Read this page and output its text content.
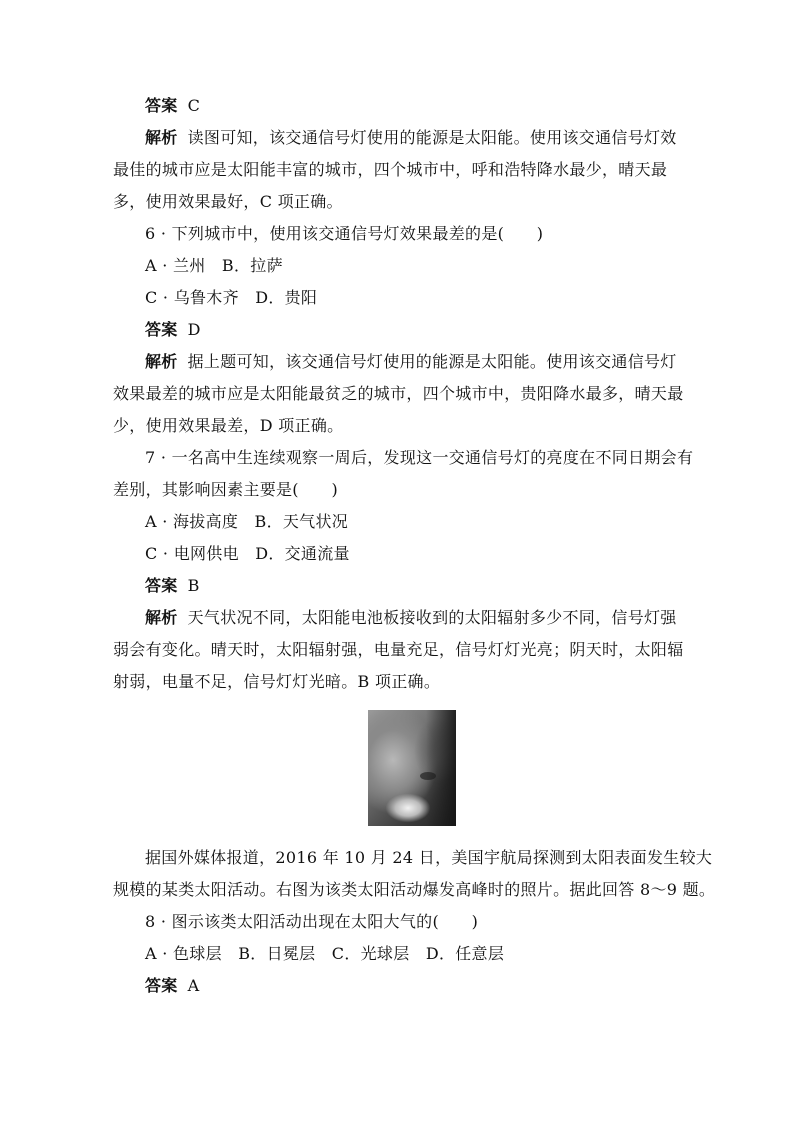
答案 C
解析 读图可知，该交通信号灯使用的能源是太阳能。使用该交通信号灯效
最佳的城市应是太阳能丰富的城市，四个城市中，呼和浩特降水最少，晴天最
多，使用效果最好，C 项正确。
6 · 下列城市中，使用该交通信号灯效果最差的是(　　)
A · 兰州　B．拉萨
C · 乌鲁木齐　D．贵阳
答案 D
解析 据上题可知，该交通信号灯使用的能源是太阳能。使用该交通信号灯
效果最差的城市应是太阳能最贫乏的城市，四个城市中，贵阳降水最多，晴天最
少，使用效果最差，D 项正确。
7 · 一名高中生连续观察一周后，发现这一交通信号灯的亮度在不同日期会有
差别，其影响因素主要是(　　)
A · 海拔高度　B．天气状况
C · 电网供电　D．交通流量
答案 B
解析 天气状况不同，太阳能电池板接收到的太阳辐射多少不同，信号灯强
弱会有变化。晴天时，太阳辐射强，电量充足，信号灯灯光亮；阴天时，太阳辐
射弱，电量不足，信号灯灯光暗。B 项正确。
据国外媒体报道，2016 年 10 月 24 日，美国宇航局探测到太阳表面发生较大
规模的某类太阳活动。右图为该类太阳活动爆发高峰时的照片。据此回答 8～9 题。
8 · 图示该类太阳活动出现在太阳大气的(　　)
A · 色球层　B．日冕层　C．光球层　D．任意层
答案 A
